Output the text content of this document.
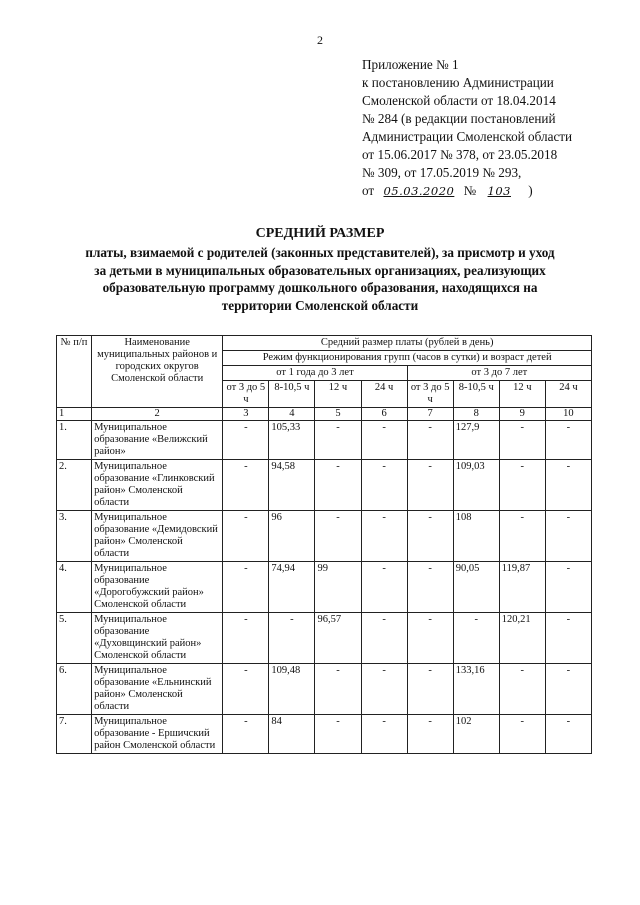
2
Приложение № 1
к постановлению Администрации
Смоленской области от 18.04.2014
№ 284 (в редакции постановлений
Администрации Смоленской области
от 15.06.2017 № 378, от 23.05.2018
№ 309, от 17.05.2019 № 293,
от 05.03.2020 № 103 )
СРЕДНИЙ РАЗМЕР
платы, взимаемой с родителей (законных представителей), за присмотр и уход
за детьми в муниципальных образовательных организациях, реализующих
образовательную программу дошкольного образования, находящихся на
территории Смоленской области
№ п/п	Наименование муниципальных районов и городских округов Смоленской области	Средний размер платы (рублей в день)							
		Режим функционирования групп (часов в сутки) и возраст детей							
		от 1 года до 3 лет				от 3 до 7 лет			
		от 3 до 5 ч	8-10,5 ч	12 ч	24 ч	от 3 до 5 ч	8-10,5 ч	12 ч	24 ч
1	2	3	4	5	6	7	8	9	10
1.	Муниципальное образование «Велижский район»	-	105,33	-	-	-	127,9	-	-
2.	Муниципальное образование «Глинковский район» Смоленской области	-	94,58	-	-	-	109,03	-	-
3.	Муниципальное образование «Демидовский район» Смоленской области	-	96	-	-	-	108	-	-
4.	Муниципальное образование «Дорогобужский район» Смоленской области	-	74,94	99	-	-	90,05	119,87	-
5.	Муниципальное образование «Духовщинский район» Смоленской области	-	-	96,57	-	-	-	120,21	-
6.	Муниципальное образование «Ельнинский район» Смоленской области	-	109,48	-	-	-	133,16	-	-
7.	Муниципальное образование - Ершичский район Смоленской области	-	84	-	-	-	102	-	-
